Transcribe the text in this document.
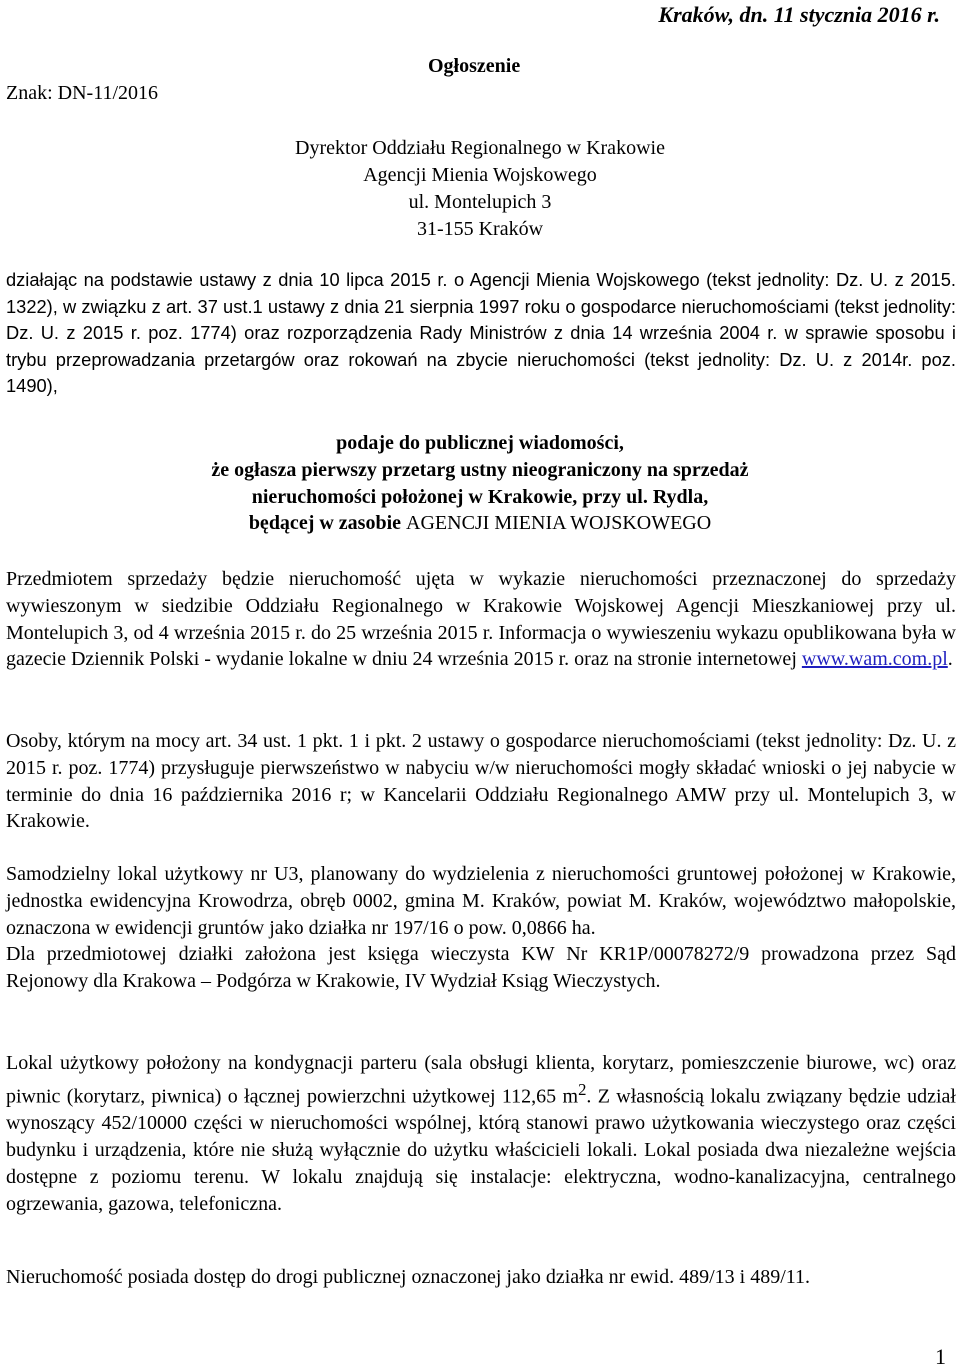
Kraków, dn. 11 stycznia 2016 r.
Ogłoszenie
Znak: DN-11/2016
Dyrektor Oddziału Regionalnego w Krakowie
Agencji Mienia Wojskowego
ul. Montelupich 3
31-155 Kraków
działając na podstawie ustawy z dnia 10 lipca 2015 r. o Agencji Mienia Wojskowego (tekst jednolity: Dz. U. z 2015. 1322), w związku z art. 37 ust.1 ustawy z dnia 21 sierpnia 1997 roku o gospodarce nieruchomościami (tekst jednolity: Dz. U. z 2015 r. poz. 1774) oraz rozporządzenia Rady Ministrów z dnia 14 września 2004 r. w sprawie sposobu i trybu przeprowadzania przetargów oraz rokowań na zbycie nieruchomości (tekst jednolity: Dz. U. z 2014r. poz. 1490),
podaje do publicznej wiadomości,
że ogłasza pierwszy przetarg ustny nieograniczony na sprzedaż
nieruchomości położonej w Krakowie, przy ul. Rydla,
będącej w zasobie AGENCJI MIENIA WOJSKOWEGO
Przedmiotem sprzedaży będzie nieruchomość ujęta w wykazie nieruchomości przeznaczonej do sprzedaży wywieszonym w siedzibie Oddziału Regionalnego w Krakowie Wojskowej Agencji Mieszkaniowej przy ul. Montelupich 3, od 4 września 2015 r. do 25 września 2015 r. Informacja o wywieszeniu wykazu opublikowana była w gazecie Dziennik Polski - wydanie lokalne w dniu 24 września 2015 r. oraz na stronie internetowej www.wam.com.pl.
Osoby, którym na mocy art. 34 ust. 1 pkt. 1 i pkt. 2 ustawy o gospodarce nieruchomościami (tekst jednolity: Dz. U. z 2015 r. poz. 1774) przysługuje pierwszeństwo w nabyciu w/w nieruchomości mogły składać wnioski o jej nabycie w terminie do dnia 16 października 2016 r; w Kancelarii Oddziału Regionalnego AMW przy ul. Montelupich 3, w Krakowie.
Samodzielny lokal użytkowy nr U3, planowany do wydzielenia z nieruchomości gruntowej położonej w Krakowie, jednostka ewidencyjna Krowodrza, obręb 0002, gmina M. Kraków, powiat M. Kraków, województwo małopolskie, oznaczona w ewidencji gruntów jako działka nr 197/16 o pow. 0,0866 ha.
Dla przedmiotowej działki założona jest księga wieczysta KW Nr KR1P/00078272/9 prowadzona przez Sąd Rejonowy dla Krakowa – Podgórza w Krakowie, IV Wydział Ksiąg Wieczystych.
Lokal użytkowy położony na kondygnacji parteru (sala obsługi klienta, korytarz, pomieszczenie biurowe, wc) oraz piwnic (korytarz, piwnica) o łącznej powierzchni użytkowej 112,65 $m^2$. Z własnością lokalu związany będzie udział wynoszący 452/10000 części w nieruchomości wspólnej, którą stanowi prawo użytkowania wieczystego oraz części budynku i urządzenia, które nie służą wyłącznie do użytku właścicieli lokali. Lokal posiada dwa niezależne wejścia dostępne z poziomu terenu. W lokalu znajdują się instalacje: elektryczna, wodno-kanalizacyjna, centralnego ogrzewania, gazowa, telefoniczna.
Nieruchomość posiada dostęp do drogi publicznej oznaczonej jako działka nr ewid. 489/13 i 489/11.
1
